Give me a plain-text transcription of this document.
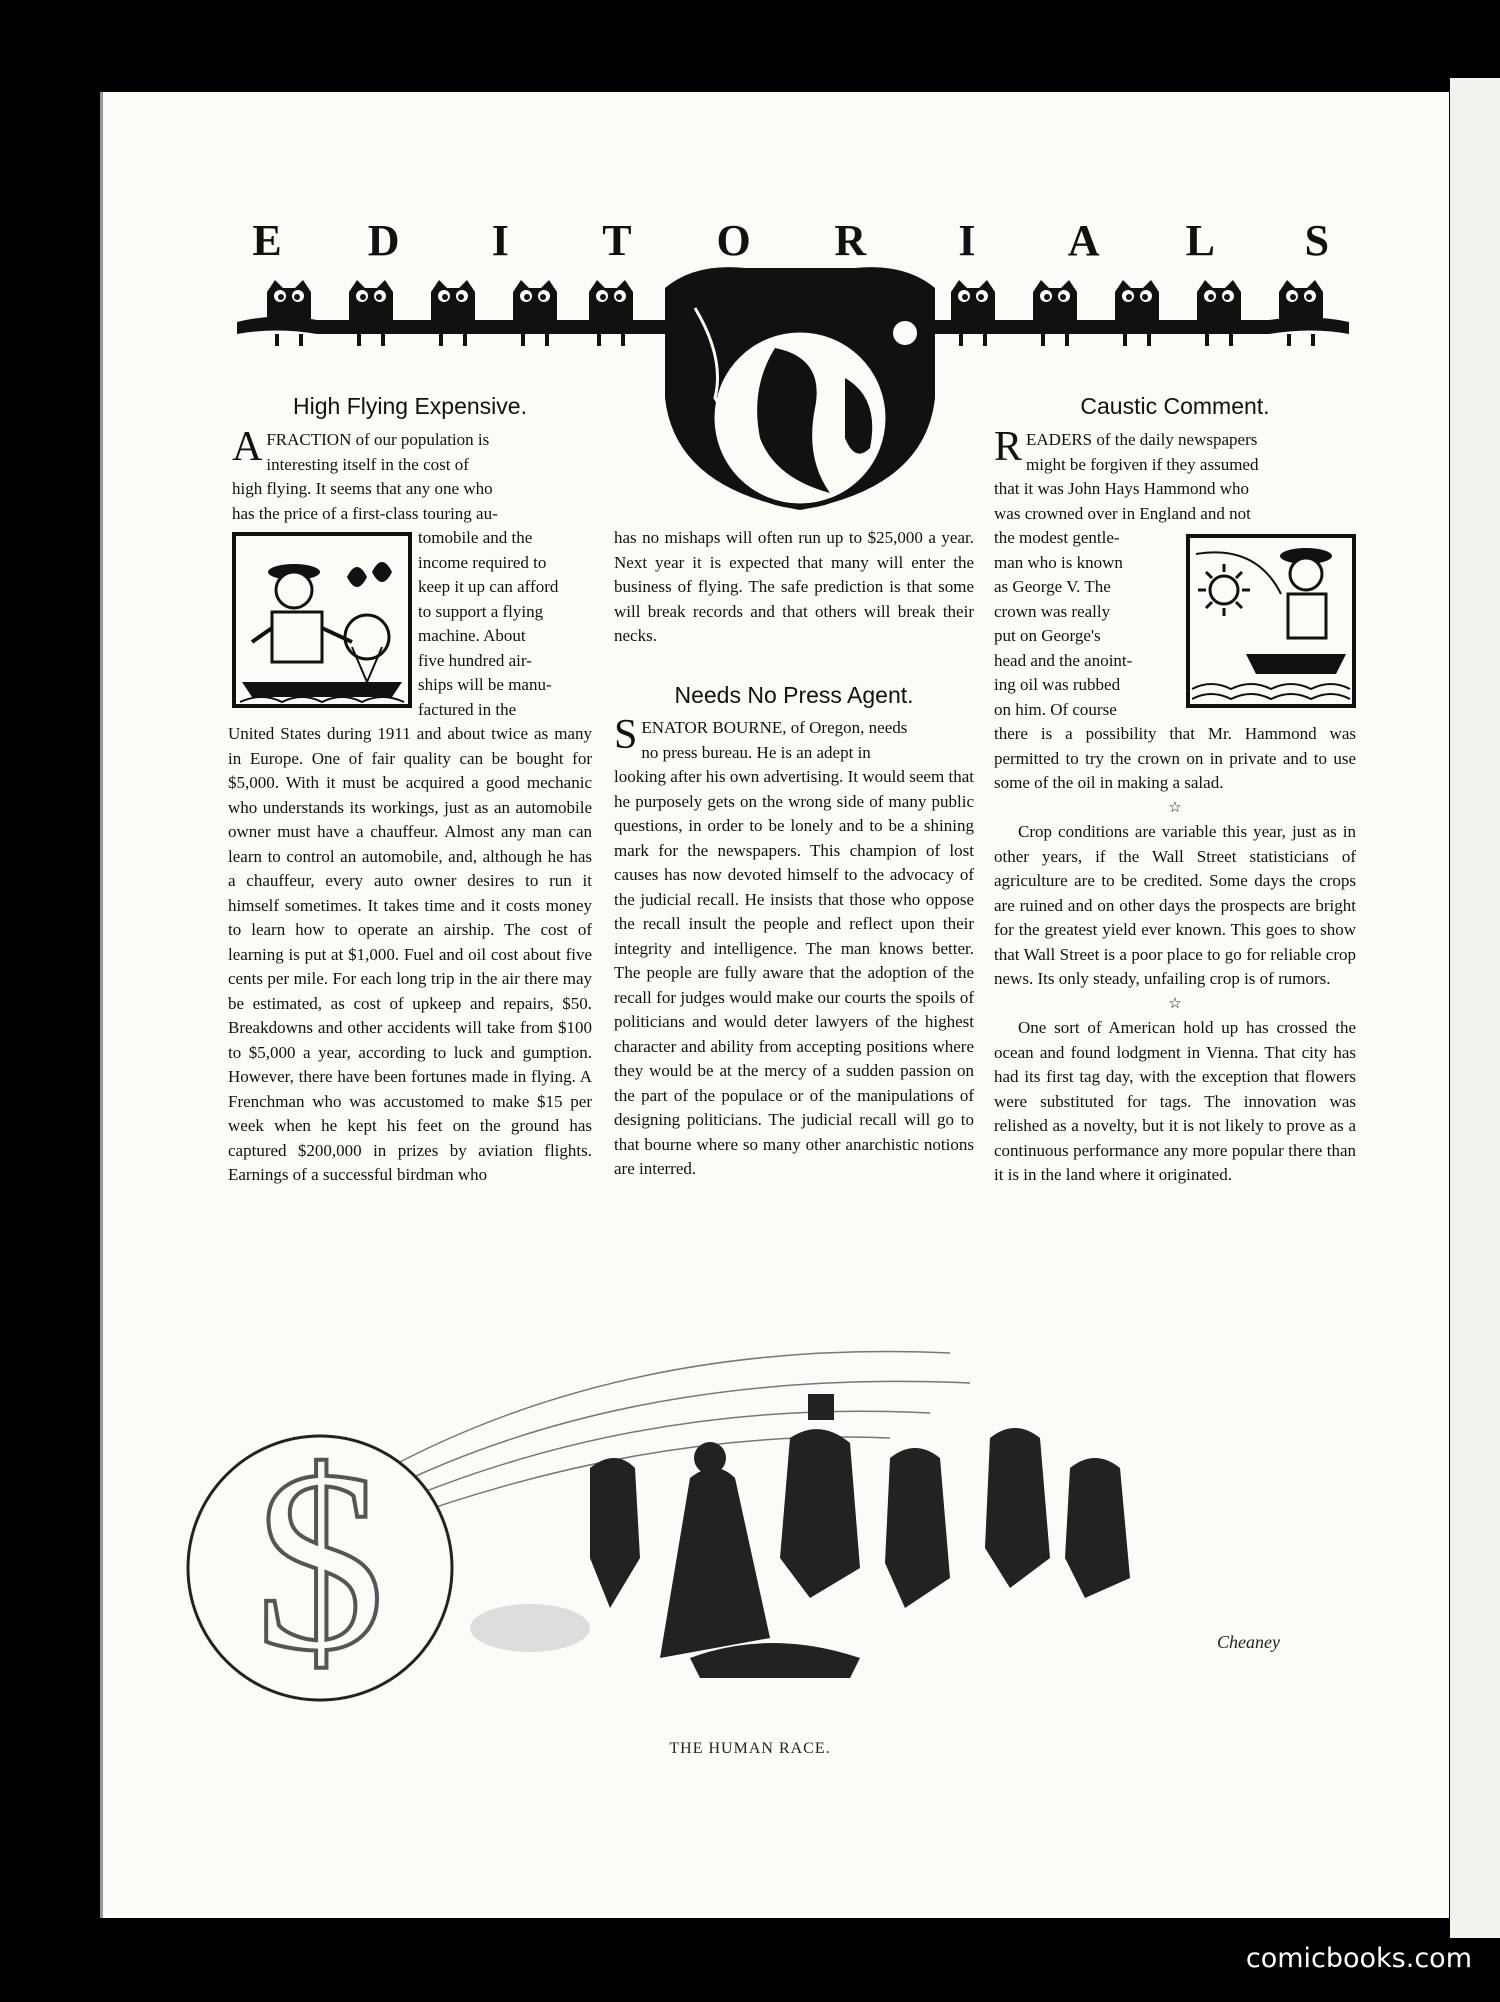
E	D	I	T	O	R	I	A	L	S
High Flying Expensive.
A FRACTION of our population is

interesting itself in the cost of

high flying. It seems that any one who

has the price of a first-class touring au-

tomobile and the

income required to

keep it up can afford

to support a flying

machine. About

five hundred air-

ships will be manu-

factured in the

United States during 1911 and about twice as many in Europe. One of fair quality can be bought for $5,000. With it must be acquired a good mechanic who understands its workings, just as an automobile owner must have a chauffeur. Almost any man can learn to control an automobile, and, although he has a chauffeur, every auto owner desires to run it himself sometimes. It takes time and it costs money to learn how to operate an airship. The cost of learning is put at $1,000. Fuel and oil cost about five cents per mile. For each long trip in the air there may be estimated, as cost of upkeep and repairs, $50. Breakdowns and other accidents will take from $100 to $5,000 a year, according to luck and gumption. However, there have been fortunes made in flying. A Frenchman who was accustomed to make $15 per week when he kept his feet on the ground has captured $200,000 in prizes by aviation flights. Earnings of a successful birdman who

has no mishaps will often run up to $25,000 a year. Next year it is expected that many will enter the business of flying. The safe prediction is that some will break records and that others will break their necks.

Needs No Press Agent.
S ENATOR BOURNE, of Oregon, needs

no press bureau. He is an adept in

looking after his own advertising. It would seem that he purposely gets on the wrong side of many public questions, in order to be lonely and to be a shining mark for the newspapers. This champion of lost causes has now devoted himself to the advocacy of the judicial recall. He insists that those who oppose the recall insult the people and reflect upon their integrity and intelligence. The man knows better. The people are fully aware that the adoption of the recall for judges would make our courts the spoils of politicians and would deter lawyers of the highest character and ability from accepting positions where they would be at the mercy of a sudden passion on the part of the populace or of the manipulations of designing politicians. The judicial recall will go to that bourne where so many other anarchistic notions are interred.

Caustic Comment.
R EADERS of the daily newspapers

might be forgiven if they assumed

that it was John Hays Hammond who

was crowned over in England and not

the modest gentle-

man who is known

as George V. The

crown was really

put on George's

head and the anoint-

ing oil was rubbed

on him. Of course

there is a possibility that Mr. Hammond was permitted to try the crown on in private and to use some of the oil in making a salad.

☆

Crop conditions are variable this year, just as in other years, if the Wall Street statisticians of agriculture are to be credited. Some days the crops are ruined and on other days the prospects are bright for the greatest yield ever known. This goes to show that Wall Street is a poor place to go for reliable crop news. Its only steady, unfailing crop is of rumors.

☆

One sort of American hold up has crossed the ocean and found lodgment in Vienna. That city has had its first tag day, with the exception that flowers were substituted for tags. The innovation was relished as a novelty, but it is not likely to prove as a continuous performance any more popular there than it is in the land where it originated.

$	Cheaney
THE HUMAN RACE.
comicbooks.com
